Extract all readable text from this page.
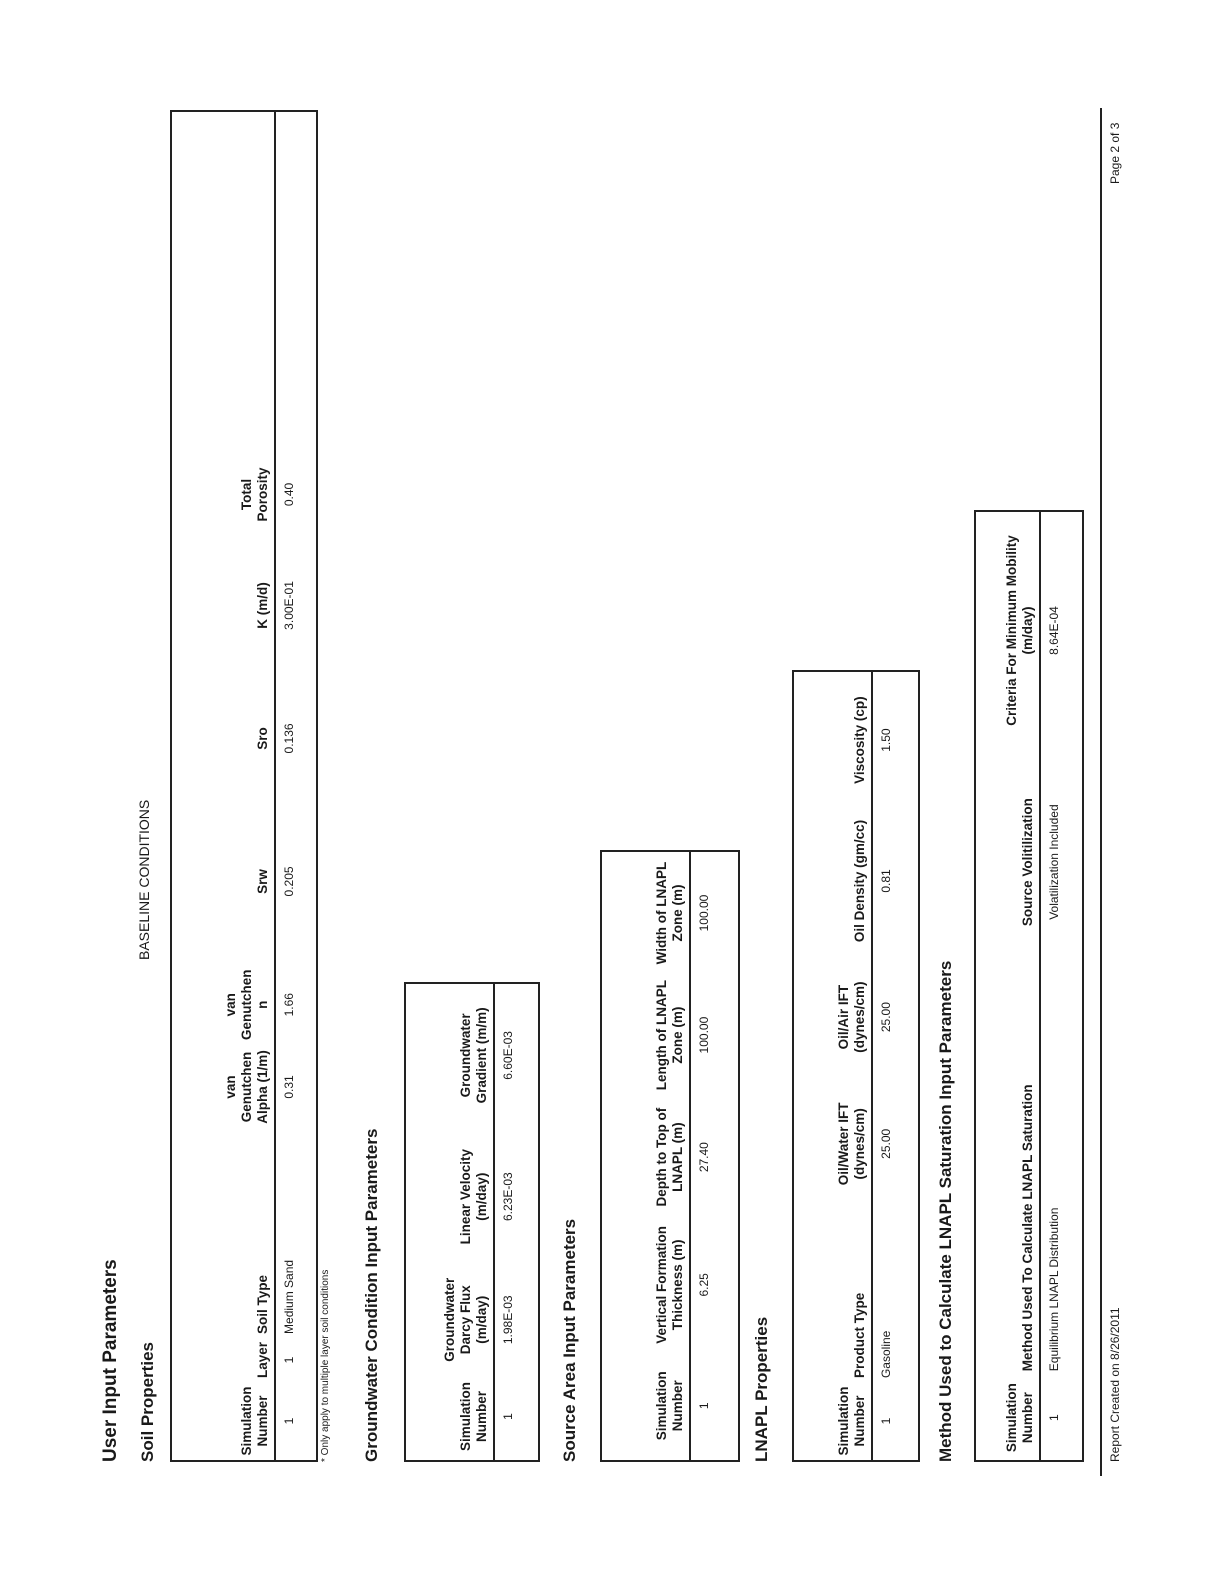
User Input Parameters
BASELINE CONDITIONS
Soil Properties	Simulation Number	Layer	Soil Type	van Genutchen Alpha (1/m)	van Genutchen n	Srw	Sro	K (m/d)	Total Porosity	
1	1	Medium Sand	0.31	1.66	0.205	0.136	3.00E-01	0.40	
* Only apply to multiple layer soil conditions Groundwater Condition Input Parameters	Simulation Number	Groundwater Darcy Flux (m/day)	Linear Velocity (m/day)	Groundwater Gradient (m/m)
1	1.98E-03	6.23E-03	6.60E-03
Source Area Input Parameters	Simulation Number	Vertical Formation Thickness (m)	Depth to Top of LNAPL (m)	Length of LNAPL Zone (m)	Width of LNAPL Zone (m)
1	6.25	27.40	100.00	100.00
LNAPL Properties	Simulation Number	Product Type	Oil/Water IFT (dynes/cm)	Oil/Air IFT (dynes/cm)	Oil Density (gm/cc)	Viscosity (cp)
1	Gasoline	25.00	25.00	0.81	1.50
Method Used to Calculate LNAPL Saturation Input Parameters	Simulation Number	Method Used To Calculate LNAPL Saturation	Source Volitilization	Criteria For Minimum Mobility (m/day)
1	Equilibrium LNAPL Distribution	Volatilization Included	8.64E-04
Report Created on 8/26/2011
Page 2 of 3
